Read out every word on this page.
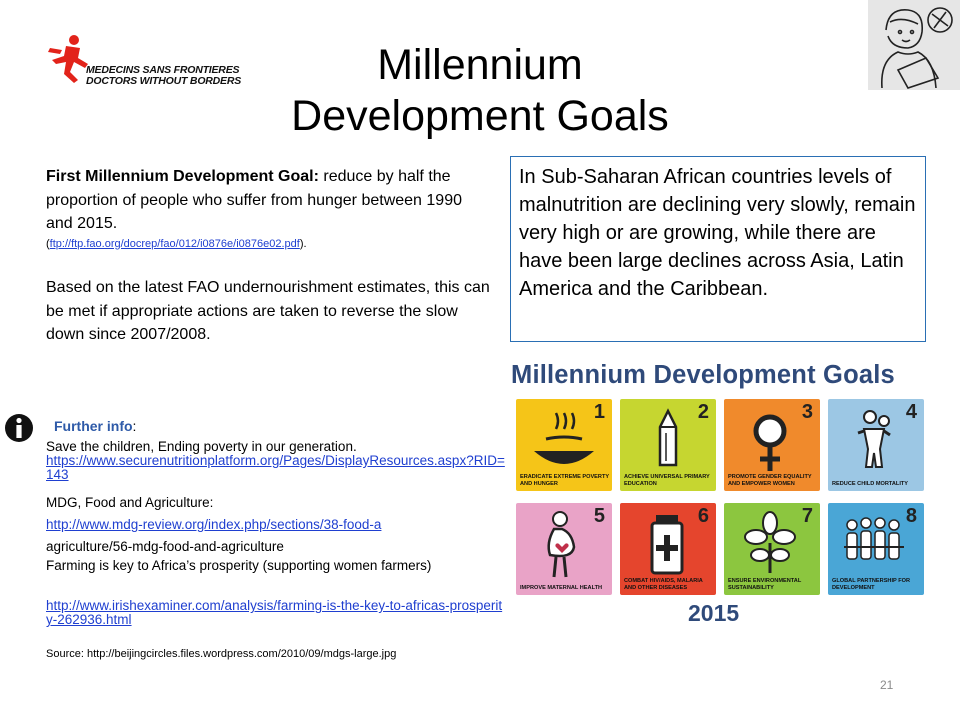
MEDECINS SANS FRONTIERES
DOCTORS WITHOUT BORDERS	Millennium
Development Goals
First Millennium Development Goal: reduce by half the proportion of people who suffer from hunger between 1990 and 2015.
(ftp://ftp.fao.org/docrep/fao/012/i0876e/i0876e02.pdf).
Based on the latest FAO undernourishment estimates, this can be met if appropriate actions are taken to reverse the slow down since 2007/2008.
Further info:
Save the children, Ending poverty in our generation.
https://www.securenutritionplatform.org/Pages/DisplayResources.aspx?RID=143
MDG, Food and Agriculture:
http://www.mdg-review.org/index.php/sections/38-food-a
agriculture/56-mdg-food-and-agriculture
Farming is key to Africa’s prosperity (supporting women farmers)
http://www.irishexaminer.com/analysis/farming-is-the-key-to-africas-prosperity-262936.html
Source: http://beijingcircles.files.wordpress.com/2010/09/mdgs-large.jpg
In Sub-Saharan African countries levels of malnutrition are declining very slowly, remain very high or are growing, while there are have been large declines across Asia, Latin America and the Caribbean.
Millennium Development Goals
1
ERADICATE EXTREME POVERTY AND HUNGER
2
ACHIEVE UNIVERSAL PRIMARY EDUCATION
3
PROMOTE GENDER EQUALITY AND EMPOWER WOMEN
4
REDUCE CHILD MORTALITY
5
IMPROVE MATERNAL HEALTH
6
COMBAT HIV/AIDS, MALARIA AND OTHER DISEASES
7
ENSURE ENVIRONMENTAL SUSTAINABILITY
8
GLOBAL PARTNERSHIP FOR DEVELOPMENT
2015
21
